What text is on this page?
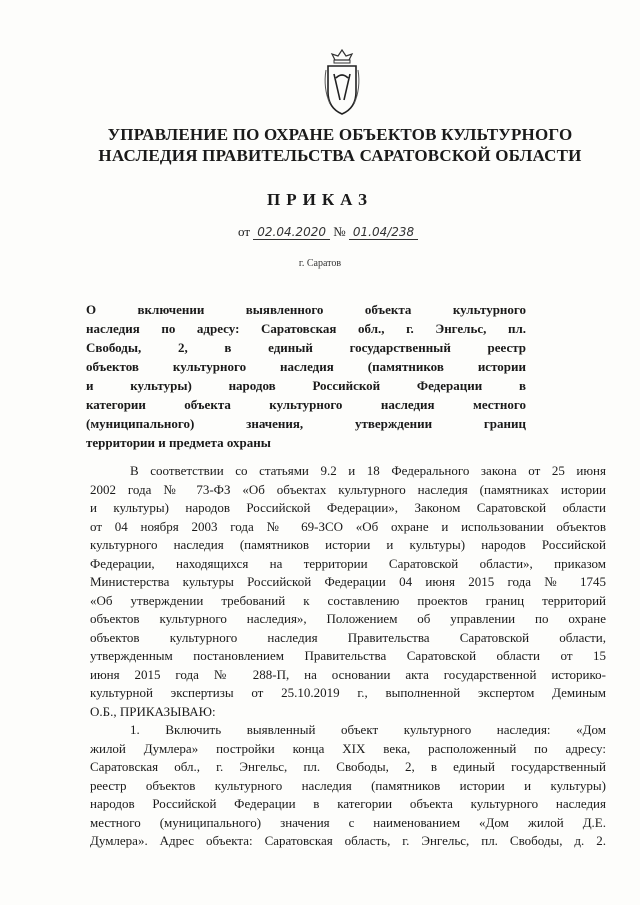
УПРАВЛЕНИЕ ПО ОХРАНЕ ОБЪЕКТОВ КУЛЬТУРНОГО
НАСЛЕДИЯ ПРАВИТЕЛЬСТВА САРАТОВСКОЙ ОБЛАСТИ
ПРИКАЗ
от 02.04.2020 № 01.04/238
г. Саратов
О включении выявленного объекта культурного
наследия по адресу: Саратовская обл., г. Энгельс, пл.
Свободы, 2, в единый государственный реестр
объектов культурного наследия (памятников истории
и культуры) народов Российской Федерации в
категории объекта культурного наследия местного
(муниципального) значения, утверждении границ
территории и предмета охраны
В соответствии со статьями 9.2 и 18 Федерального закона от 25 июня
2002 года № 73-ФЗ «Об объектах культурного наследия (памятниках истории
и культуры) народов Российской Федерации», Законом Саратовской области
от 04 ноября 2003 года № 69-ЗСО «Об охране и использовании объектов
культурного наследия (памятников истории и культуры) народов Российской
Федерации, находящихся на территории Саратовской области», приказом
Министерства культуры Российской Федерации 04 июня 2015 года № 1745
«Об утверждении требований к составлению проектов границ территорий
объектов культурного наследия», Положением об управлении по охране
объектов культурного наследия Правительства Саратовской области,
утвержденным постановлением Правительства Саратовской области от 15
июня 2015 года № 288-П, на основании акта государственной историко-
культурной экспертизы от 25.10.2019 г., выполненной экспертом Деминым
О.Б., ПРИКАЗЫВАЮ:
1. Включить выявленный объект культурного наследия: «Дом
жилой Думлера» постройки конца XIX века, расположенный по адресу:
Саратовская обл., г. Энгельс, пл. Свободы, 2, в единый государственный
реестр объектов культурного наследия (памятников истории и культуры)
народов Российской Федерации в категории объекта культурного наследия
местного (муниципального) значения с наименованием «Дом жилой Д.Е.
Думлера». Адрес объекта: Саратовская область, г. Энгельс, пл. Свободы, д. 2.
